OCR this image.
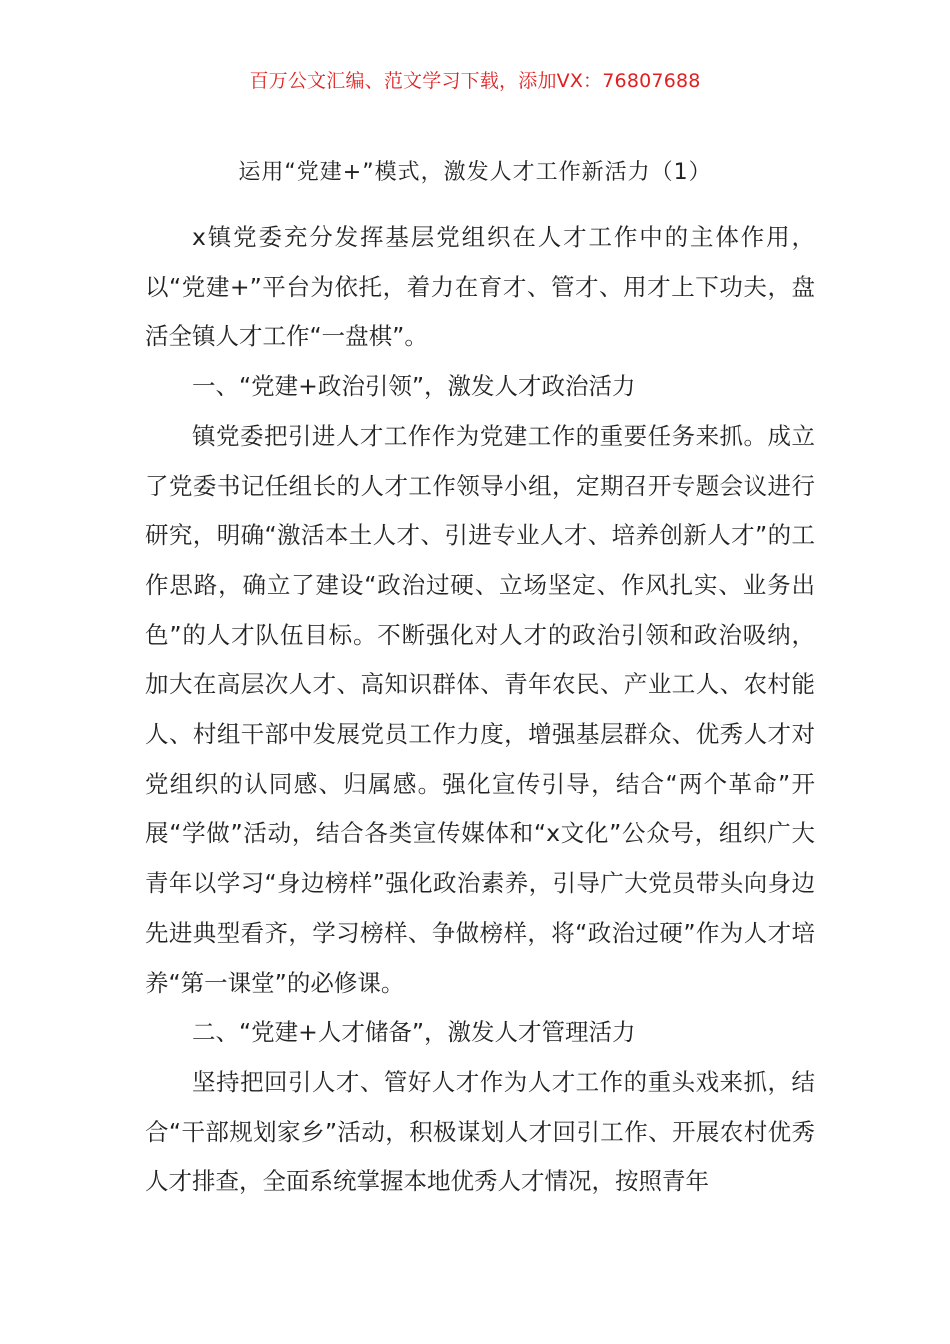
百万公文汇编、范文学习下载，添加VX：76807688
运用“党建+”模式，激发人才工作新活力（1）

x镇党委充分发挥基层党组织在人才工作中的主体作用，以“党建+”平台为依托，着力在育才、管才、用才上下功夫，盘活全镇人才工作“一盘棋”。

一、“党建+政治引领”，激发人才政治活力

镇党委把引进人才工作作为党建工作的重要任务来抓。成立了党委书记任组长的人才工作领导小组，定期召开专题会议进行研究，明确“激活本土人才、引进专业人才、培养创新人才”的工作思路，确立了建设“政治过硬、立场坚定、作风扎实、业务出色”的人才队伍目标。不断强化对人才的政治引领和政治吸纳，加大在高层次人才、高知识群体、青年农民、产业工人、农村能人、村组干部中发展党员工作力度，增强基层群众、优秀人才对党组织的认同感、归属感。强化宣传引导，结合“两个革命”开展“学做”活动，结合各类宣传媒体和“x文化”公众号，组织广大青年以学习“身边榜样”强化政治素养，引导广大党员带头向身边先进典型看齐，学习榜样、争做榜样，将“政治过硬”作为人才培养“第一课堂”的必修课。

二、“党建+人才储备”，激发人才管理活力

坚持把回引人才、管好人才作为人才工作的重头戏来抓，结合“干部规划家乡”活动，积极谋划人才回引工作、开展农村优秀人才排查，全面系统掌握本地优秀人才情况，按照青年
